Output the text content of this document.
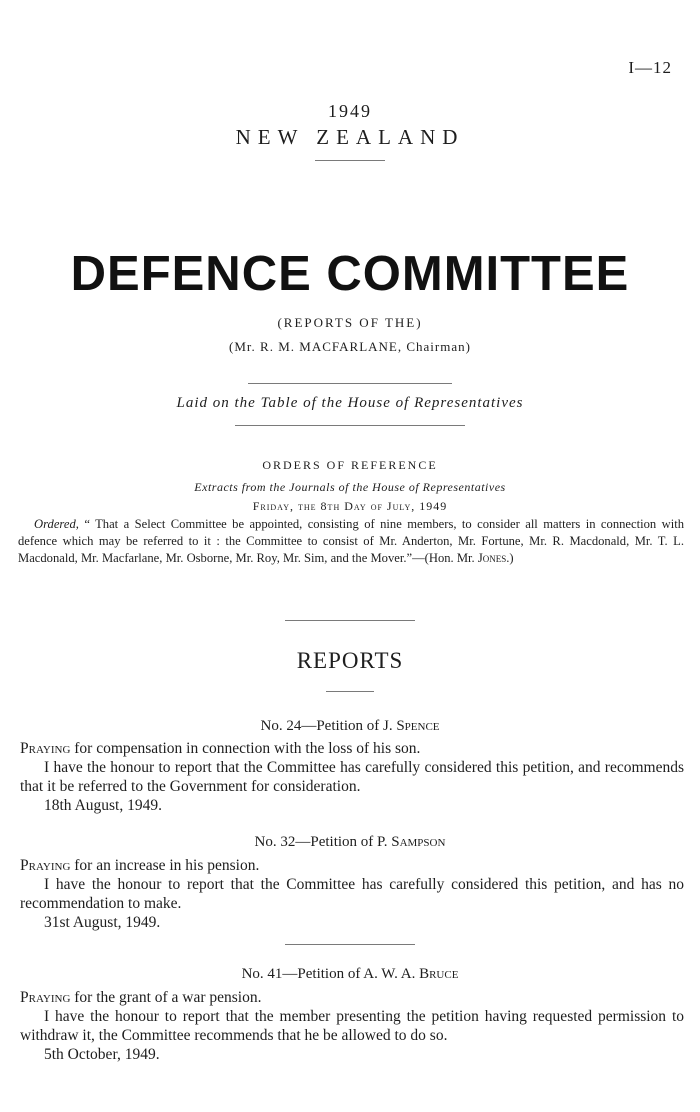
I—12
1949
NEW ZEALAND
DEFENCE COMMITTEE
(REPORTS OF THE)
(Mr. R. M. MACFARLANE, Chairman)
Laid on the Table of the House of Representatives
ORDERS OF REFERENCE
Extracts from the Journals of the House of Representatives
Friday, the 8th Day of July, 1949
Ordered, “ That a Select Committee be appointed, consisting of nine members, to consider all matters in connection with defence which may be referred to it : the Committee to consist of Mr. Anderton, Mr. Fortune, Mr. R. Macdonald, Mr. T. L. Macdonald, Mr. Macfarlane, Mr. Osborne, Mr. Roy, Mr. Sim, and the Mover.”—(Hon. Mr. Jones.)
REPORTS
No. 24—Petition of J. Spence
Praying for compensation in connection with the loss of his son.
I have the honour to report that the Committee has carefully considered this petition, and recommends that it be referred to the Government for consideration.
18th August, 1949.
No. 32—Petition of P. Sampson
Praying for an increase in his pension.
I have the honour to report that the Committee has carefully considered this petition, and has no recommendation to make.
31st August, 1949.
No. 41—Petition of A. W. A. Bruce
Praying for the grant of a war pension.
I have the honour to report that the member presenting the petition having requested permission to withdraw it, the Committee recommends that he be allowed to do so.
5th October, 1949.
